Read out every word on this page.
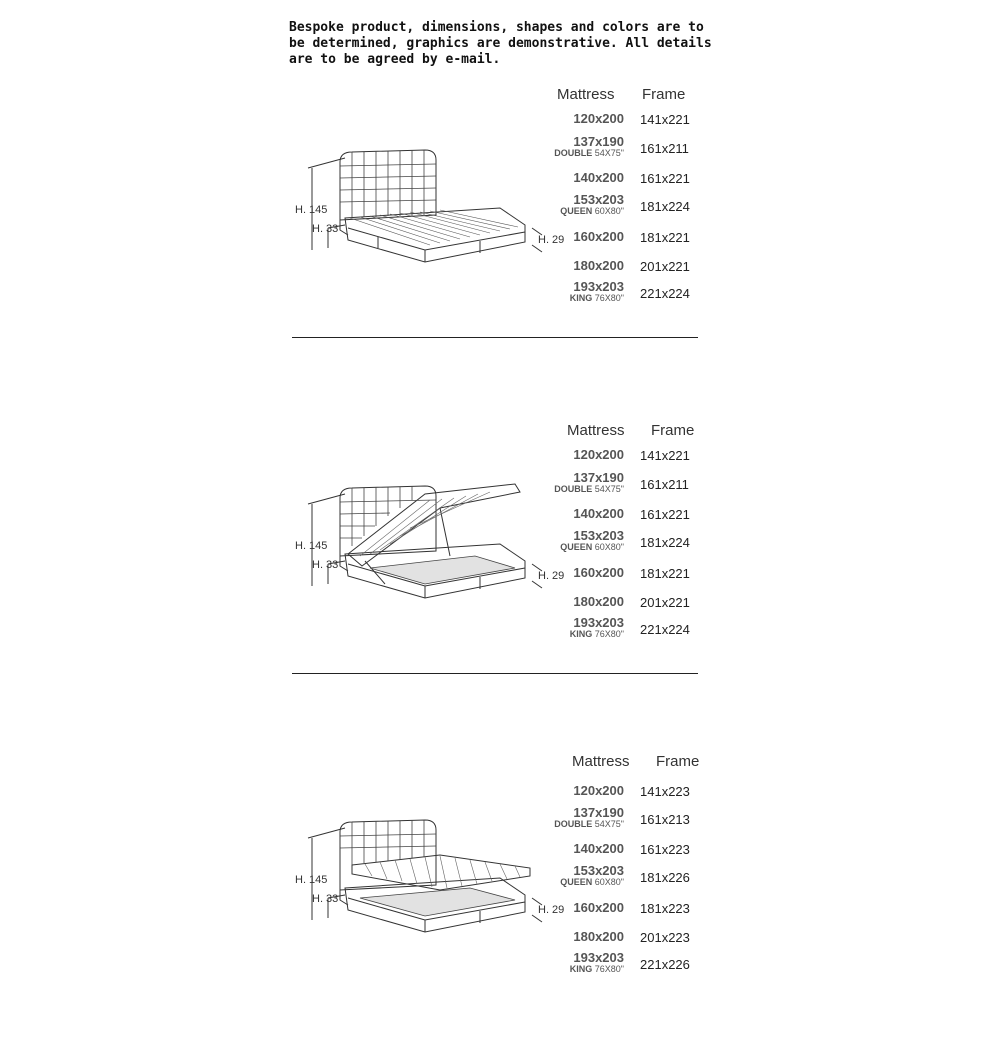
Bespoke product, dimensions, shapes and colors are to
be determined, graphics are demonstrative. All details
are to be agreed by e-mail.
H. 145
H. 33
H. 29
Mattress Frame
120x200 141x221
137x190
DOUBLE 54X75" 161x211
140x200 161x221
153x203
QUEEN 60X80" 181x224
160x200 181x221
180x200 201x221
193x203
KING 76X80" 221x224
H. 145
H. 33
H. 29
Mattress Frame
120x200 141x221
137x190
DOUBLE 54X75" 161x211
140x200 161x221
153x203
QUEEN 60X80" 181x224
160x200 181x221
180x200 201x221
193x203
KING 76X80" 221x224
H. 145
H. 33
H. 29
Mattress Frame
120x200 141x223
137x190
DOUBLE 54X75" 161x213
140x200 161x223
153x203
QUEEN 60X80" 181x226
160x200 181x223
180x200 201x223
193x203
KING 76X80" 221x226
